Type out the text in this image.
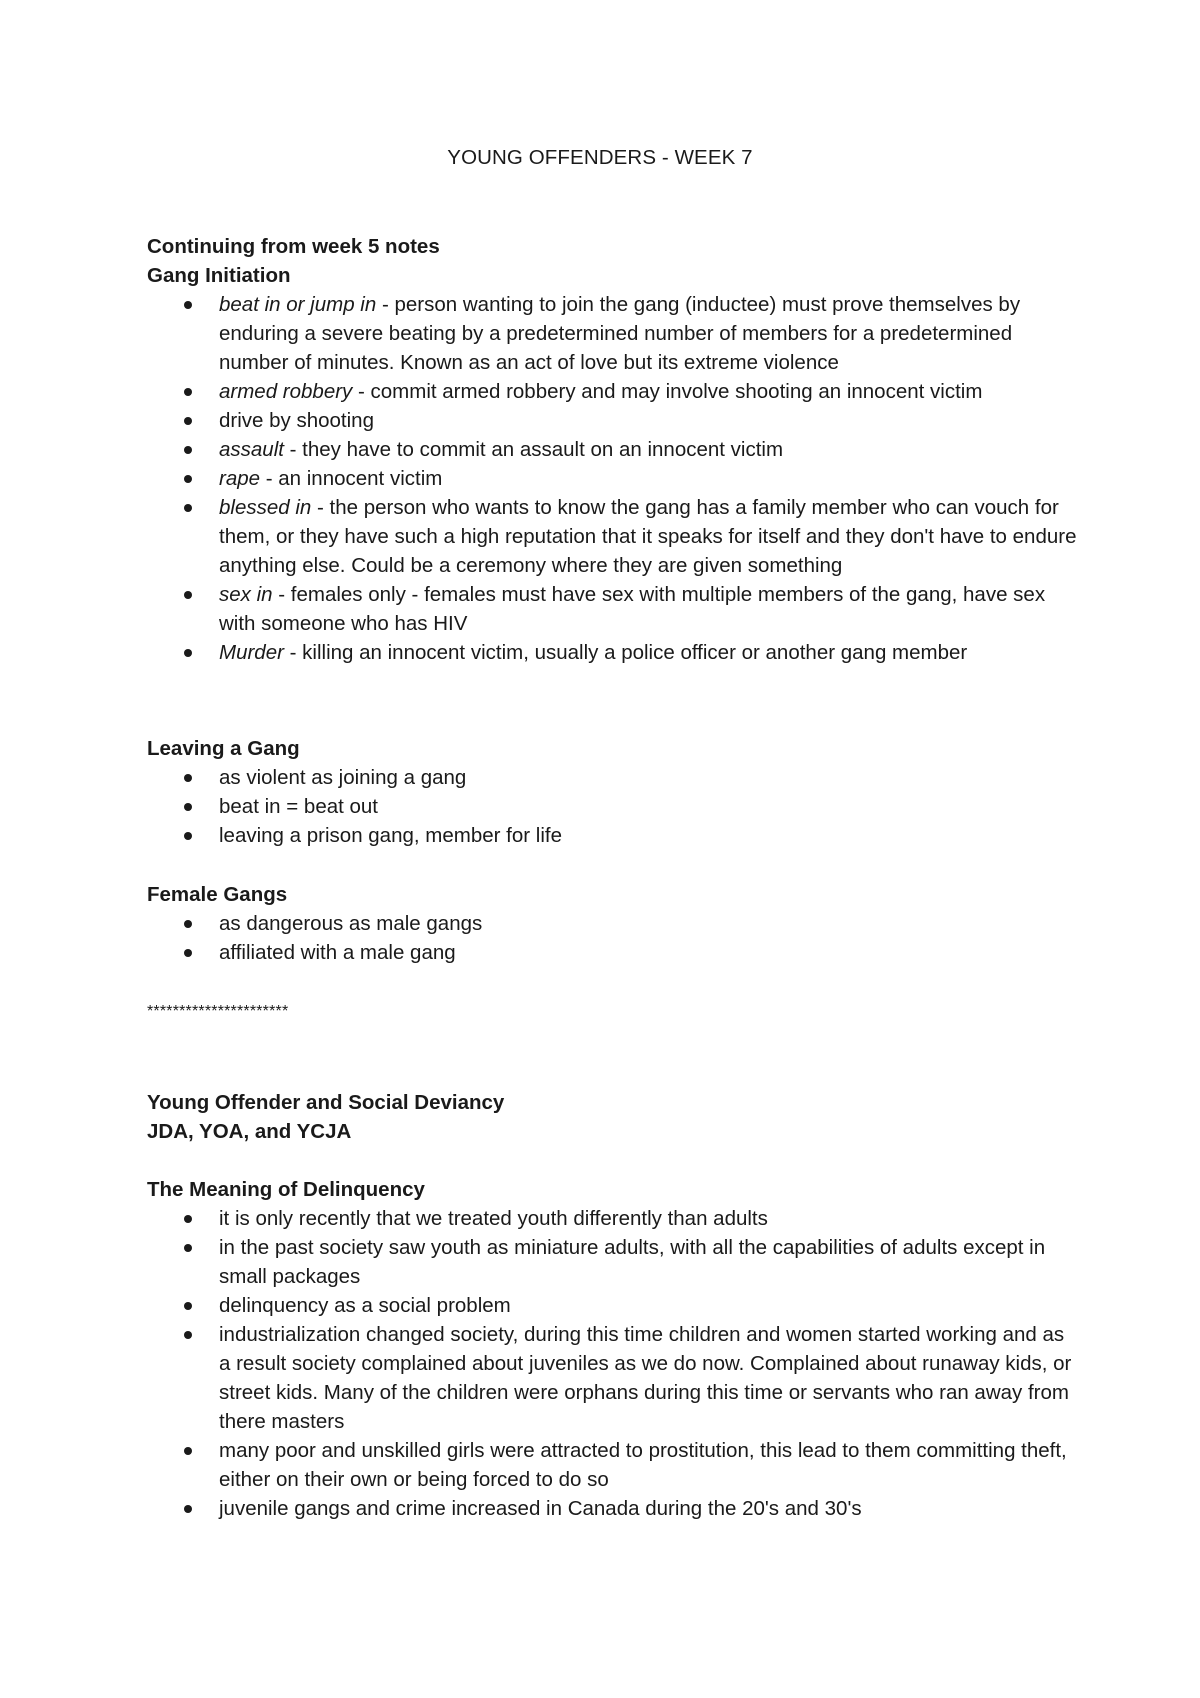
YOUNG OFFENDERS - WEEK 7
Continuing from week 5 notes
Gang Initiation
beat in or jump in - person wanting to join the gang (inductee) must prove themselves by enduring a severe beating by a predetermined number of members for a predetermined number of minutes. Known as an act of love but its extreme violence
armed robbery - commit armed robbery and may involve shooting an innocent victim
drive by shooting
assault - they have to commit an assault on an innocent victim
rape - an innocent victim
blessed in - the person who wants to know the gang has a family member who can vouch for them, or they have such a high reputation that it speaks for itself and they don't have to endure anything else. Could be a ceremony where they are given something
sex in - females only - females must have sex with multiple members of the gang, have sex with someone who has HIV
Murder - killing an innocent victim, usually a police officer or another gang member
Leaving a Gang
as violent as joining a gang
beat in = beat out
leaving a prison gang, member for life
Female Gangs
as dangerous as male gangs
affiliated with a male gang
**********************
Young Offender and Social Deviancy
JDA, YOA, and YCJA
The Meaning of Delinquency
it is only recently that we treated youth differently than adults
in the past society saw youth as miniature adults, with all the capabilities of adults except in small packages
delinquency as a social problem
industrialization changed society, during this time children and women started working and as a result society complained about juveniles as we do now. Complained about runaway kids, or street kids. Many of the children were orphans during this time or servants who ran away from there masters
many poor and unskilled girls were attracted to prostitution, this lead to them committing theft, either on their own or being forced to do so
juvenile gangs and crime increased in Canada during the 20's and 30's
